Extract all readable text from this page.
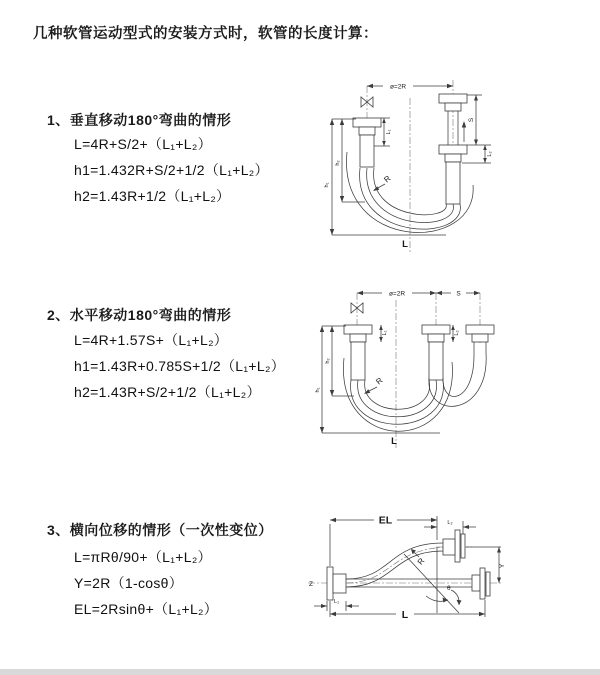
几种软管运动型式的安装方式时，软管的长度计算：
1、垂直移动180°弯曲的情形
L=4R+S/2+（L₁+L₂）
h1=1.432R+S/2+1/2（L₁+L₂）
h2=1.43R+1/2（L₁+L₂）
2、水平移动180°弯曲的情形
L=4R+1.57S+（L₁+L₂）
h1=1.43R+0.785S+1/2（L₁+L₂）
h2=1.43R+S/2+1/2（L₁+L₂）
3、横向位移的情形（一次性变位）
L=πRθ/90+（L₁+L₂）
Y=2R（1-cosθ）
EL=2Rsinθ+（L₁+L₂）
ø=2R
h₁
h₂
L₁
S
L₂
R
L
ø=2R	S
L₁	L₂
h₁
h₂
R
L
EL	L₂
Z
Y
θ
R
L
L₁
